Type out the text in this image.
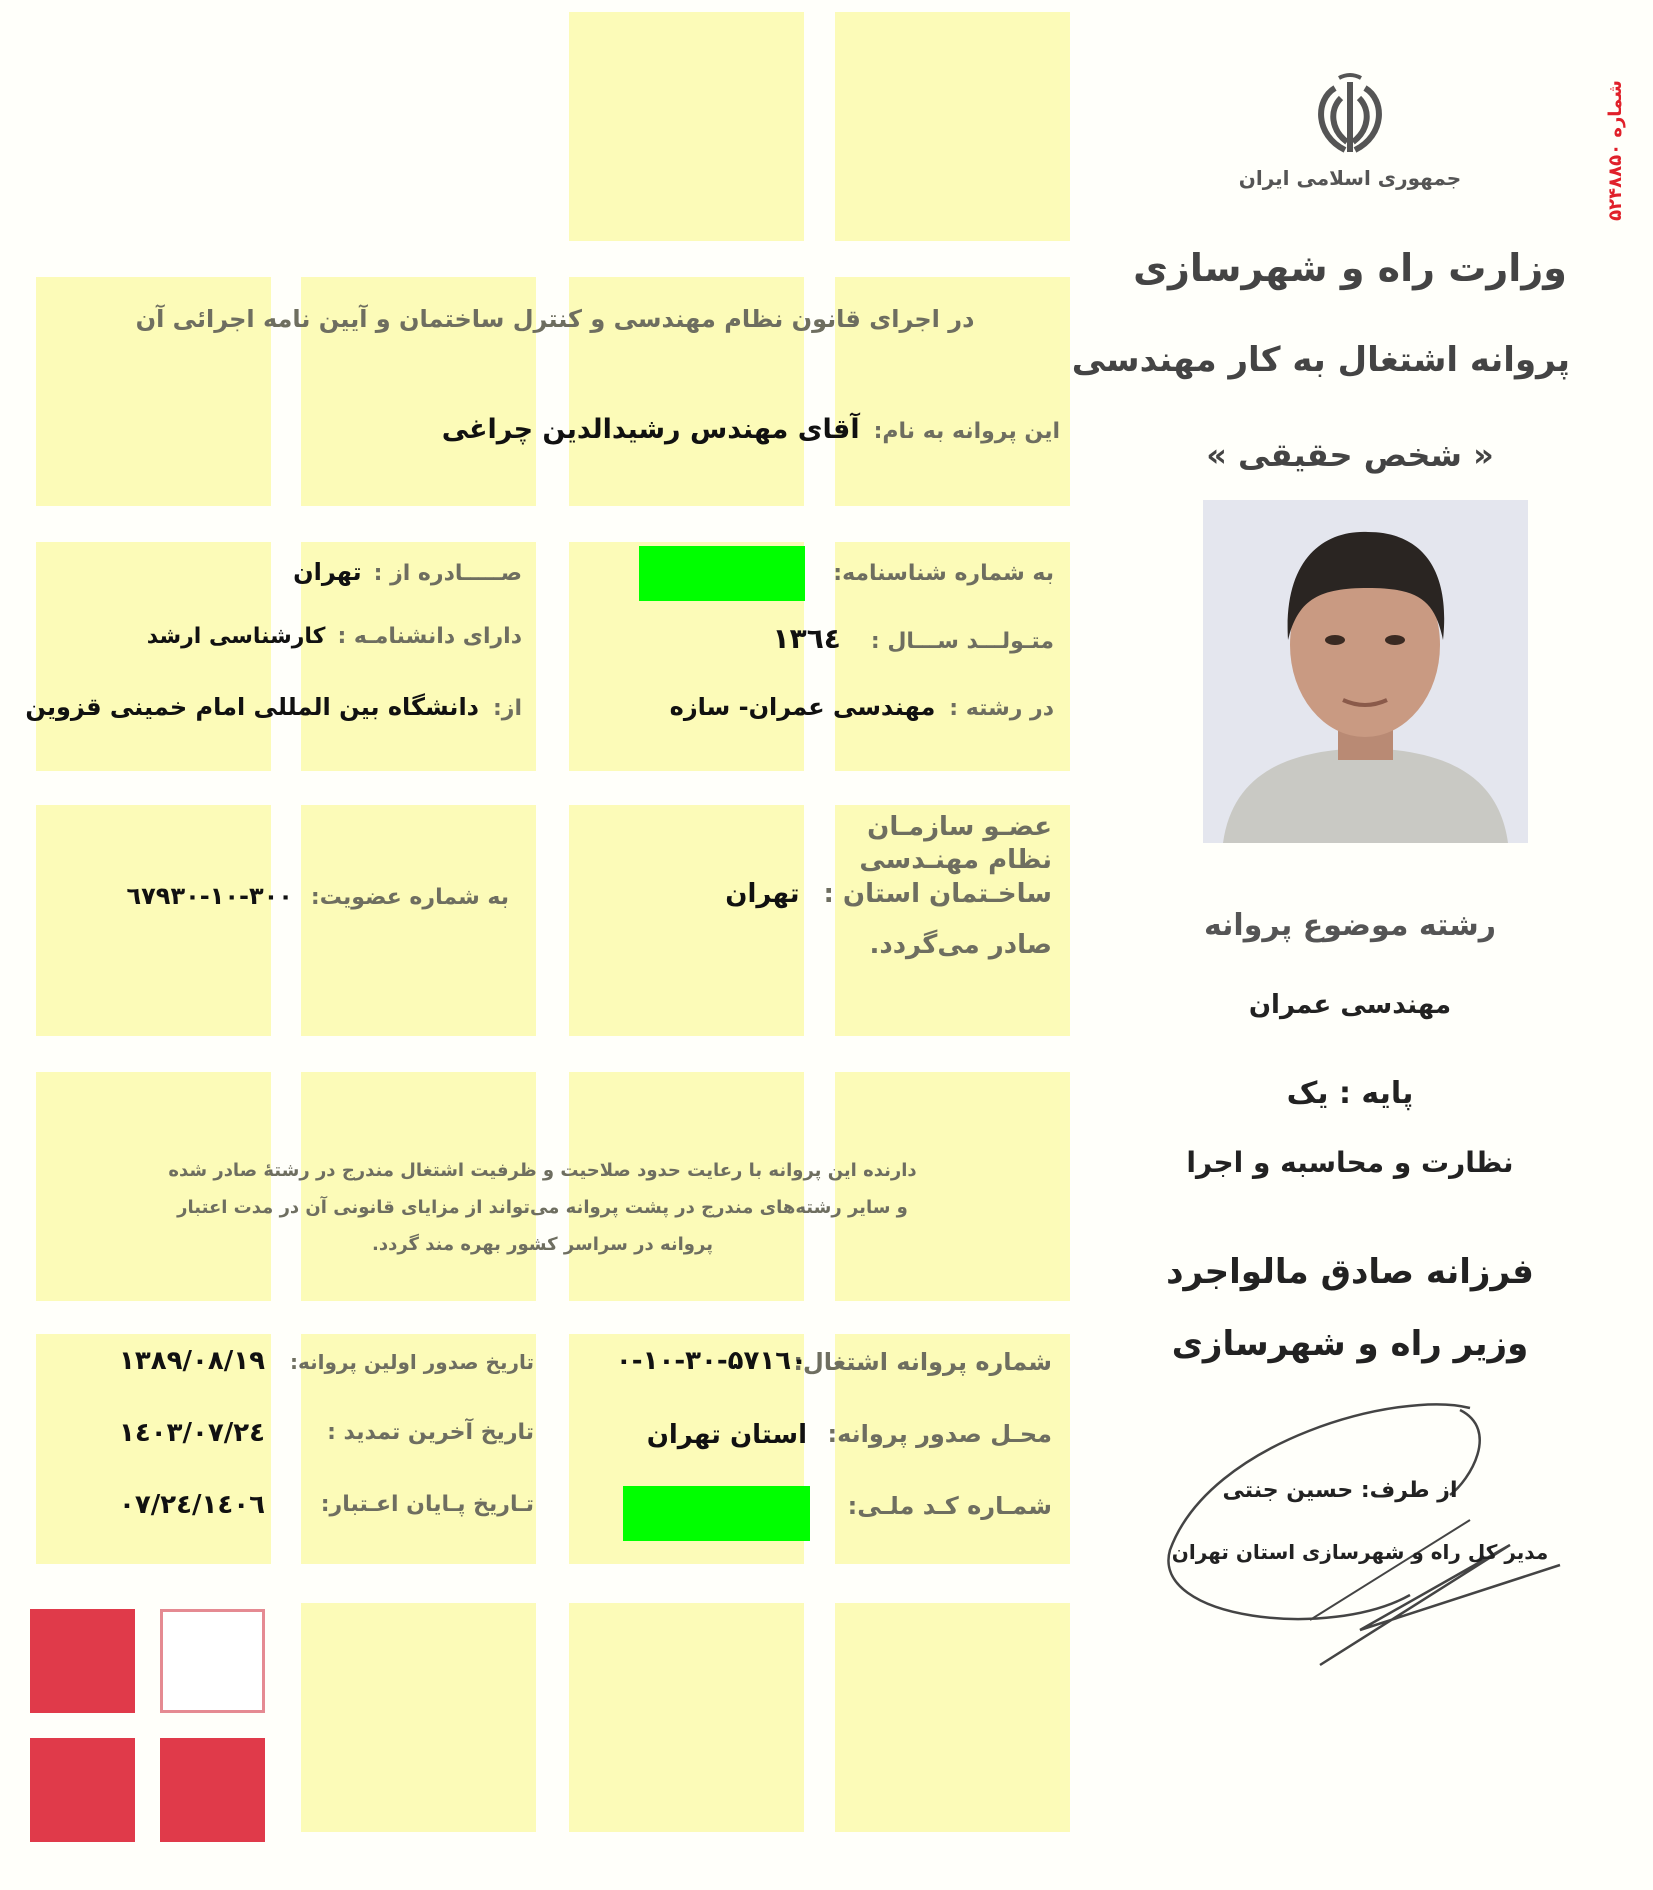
جمهوری اسلامی ایران	شماره ۵۲۴۸۸۵۰
وزارت راه و شهرسازی
پروانه اشتغال به کار مهندسی
« شخص حقیقی »
رشته موضوع پروانه
مهندسی عمران
پایه : یک
نظارت و محاسبه و اجرا
فرزانه صادق مالواجرد
وزیر راه و شهرسازی
از طرف: حسین جنتی
مدیر کل راه و شهرسازی استان تهران
در اجرای قانون نظام مهندسی و کنترل ساختمان و آیین نامه اجرائی آن
این پروانه به نام:
آقای مهندس رشیدالدین چراغی
به شماره شناسنامه:
صـــــادره از :
تهران
متـولـــد ســـال :
۱۳٦٤
دارای دانشنامـه :
کارشناسی ارشد
در رشته :
مهندسی عمران- سازه
از:
دانشگاه بین المللی امام خمینی قزوین
عضـو سازمـان
نظام مهنـدسی
ساخـتمان استان :
تهران
صادر می‌گردد.
به شماره عضویت:
۱۰-۳۰۰-٦٧٩٣٠
دارنده این پروانه با رعایت حدود صلاحیت و ظرفیت اشتغال مندرج در رشتهٔ صادر شده
و سایر رشته‌های مندرج در پشت پروانه می‌تواند از مزایای قانونی آن در مدت اعتبار
پروانه در سراسر کشور بهره مند گردد.
شماره پروانه اشتغال:
۰-۱۰-۳۰-۵۷۱٦۰
محـل صدور پروانه:
استان تهران
شمـاره کـد ملـی:
تاریخ صدور اولین پروانه:
۱۳۸۹/۰۸/۱۹
تاریخ آخرین تمدید :
۱٤۰۳/۰۷/۲٤
تـاریخ پـایان اعـتبار:
۱٤۰٦/۰۷/۲٤
